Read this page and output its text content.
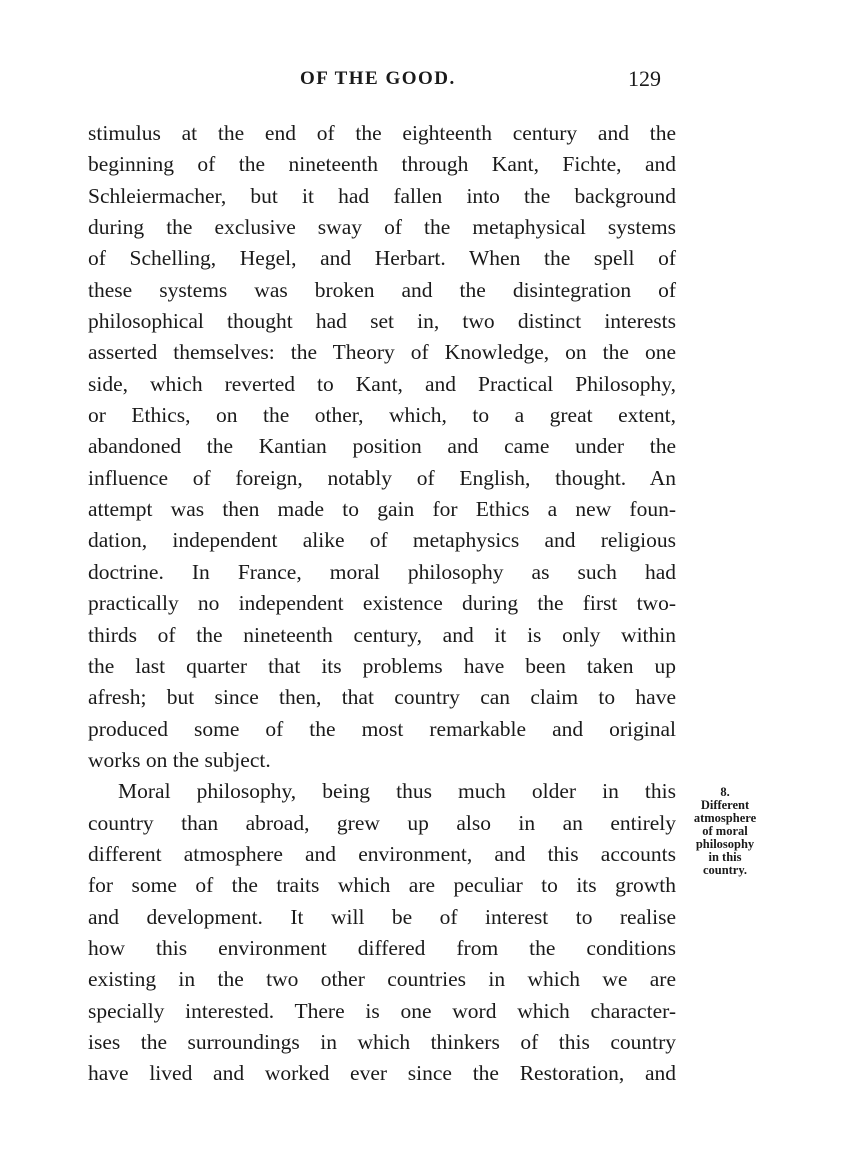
OF THE GOOD.	129
stimulus at the end of the eighteenth century and the
beginning of the nineteenth through Kant, Fichte, and
Schleiermacher, but it had fallen into the background
during the exclusive sway of the metaphysical systems
of Schelling, Hegel, and Herbart. When the spell of
these systems was broken and the disintegration of
philosophical thought had set in, two distinct interests
asserted themselves: the Theory of Knowledge, on the one
side, which reverted to Kant, and Practical Philosophy,
or Ethics, on the other, which, to a great extent,
abandoned the Kantian position and came under the
influence of foreign, notably of English, thought. An
attempt was then made to gain for Ethics a new foun-
dation, independent alike of metaphysics and religious
doctrine. In France, moral philosophy as such had
practically no independent existence during the first two-
thirds of the nineteenth century, and it is only within
the last quarter that its problems have been taken up
afresh; but since then, that country can claim to have
produced some of the most remarkable and original
works on the subject.
Moral philosophy, being thus much older in this
country than abroad, grew up also in an entirely
different atmosphere and environment, and this accounts
for some of the traits which are peculiar to its growth
and development. It will be of interest to realise
how this environment differed from the conditions
existing in the two other countries in which we are
specially interested. There is one word which character-
ises the surroundings in which thinkers of this country
have lived and worked ever since the Restoration, and
8.
Different
atmosphere
of moral
philosophy
in this
country.
